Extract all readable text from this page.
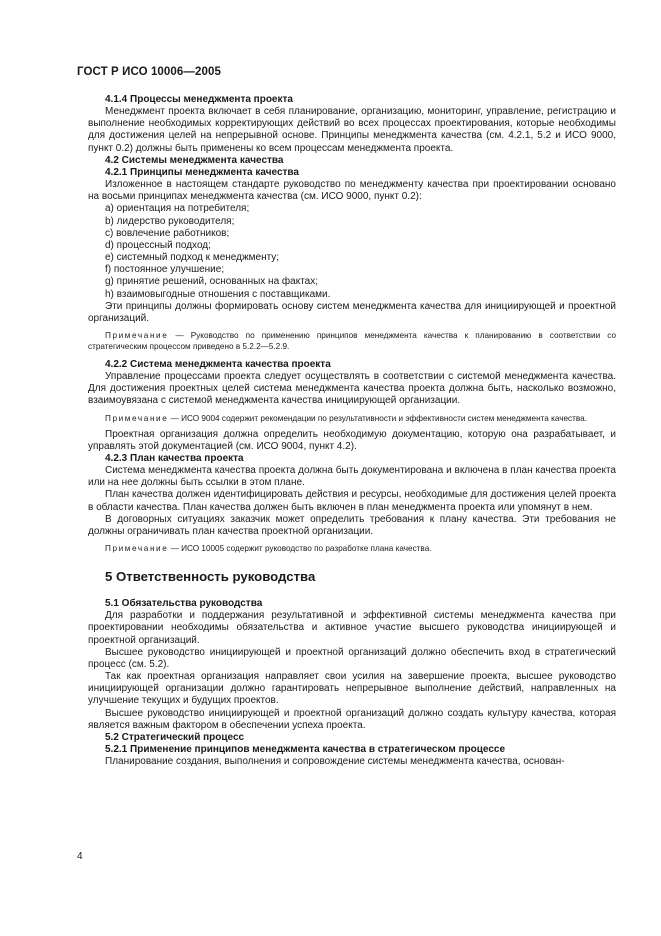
ГОСТ Р ИСО 10006—2005

4.1.4 Процессы менеджмента проекта

Менеджмент проекта включает в себя планирование, организацию, мониторинг, управление, регистрацию и выполнение необходимых корректирующих действий во всех процессах проектирования, которые необходимы для достижения целей на непрерывной основе. Принципы менеджмента качества (см. 4.2.1, 5.2 и ИСО 9000, пункт 0.2) должны быть применены ко всем процессам менеджмента проекта.

4.2 Системы менеджмента качества

4.2.1 Принципы менеджмента качества

Изложенное в настоящем стандарте руководство по менеджменту качества при проектировании основано на восьми принципах менеджмента качества (см. ИСО 9000, пункт 0.2):

a) ориентация на потребителя;

b) лидерство руководителя;

c) вовлечение работников;

d) процессный подход;

e) системный подход к менеджменту;

f) постоянное улучшение;

g) принятие решений, основанных на фактах;

h) взаимовыгодные отношения с поставщиками.

Эти принципы должны формировать основу систем менеджмента качества для инициирующей и проектной организаций.

Примечание — Руководство по применению принципов менеджмента качества к планированию в соответствии со стратегическим процессом приведено в 5.2.2—5.2.9.

4.2.2 Система менеджмента качества проекта

Управление процессами проекта следует осуществлять в соответствии с системой менеджмента качества. Для достижения проектных целей система менеджмента качества проекта должна быть, насколько возможно, взаимоувязана с системой менеджмента качества инициирующей организации.

Примечание — ИСО 9004 содержит рекомендации по результативности и эффективности систем менеджмента качества.

Проектная организация должна определить необходимую документацию, которую она разрабатывает, и управлять этой документацией (см. ИСО 9004, пункт 4.2).

4.2.3 План качества проекта

Система менеджмента качества проекта должна быть документирована и включена в план качества проекта или на нее должны быть ссылки в этом плане.

План качества должен идентифицировать действия и ресурсы, необходимые для достижения целей проекта в области качества. План качества должен быть включен в план менеджмента проекта или упомянут в нем.

В договорных ситуациях заказчик может определить требования к плану качества. Эти требования не должны ограничивать план качества проектной организации.

Примечание — ИСО 10005 содержит руководство по разработке плана качества.

5 Ответственность руководства

5.1 Обязательства руководства

Для разработки и поддержания результативной и эффективной системы менеджмента качества при проектировании необходимы обязательства и активное участие высшего руководства инициирующей и проектной организаций.

Высшее руководство инициирующей и проектной организаций должно обеспечить вход в стратегический процесс (см. 5.2).

Так как проектная организация направляет свои усилия на завершение проекта, высшее руководство инициирующей организации должно гарантировать непрерывное выполнение действий, направленных на улучшение текущих и будущих проектов.

Высшее руководство инициирующей и проектной организаций должно создать культуру качества, которая является важным фактором в обеспечении успеха проекта.

5.2 Стратегический процесс

5.2.1 Применение принципов менеджмента качества в стратегическом процессе

Планирование создания, выполнения и сопровождение системы менеджмента качества, основан-

4
